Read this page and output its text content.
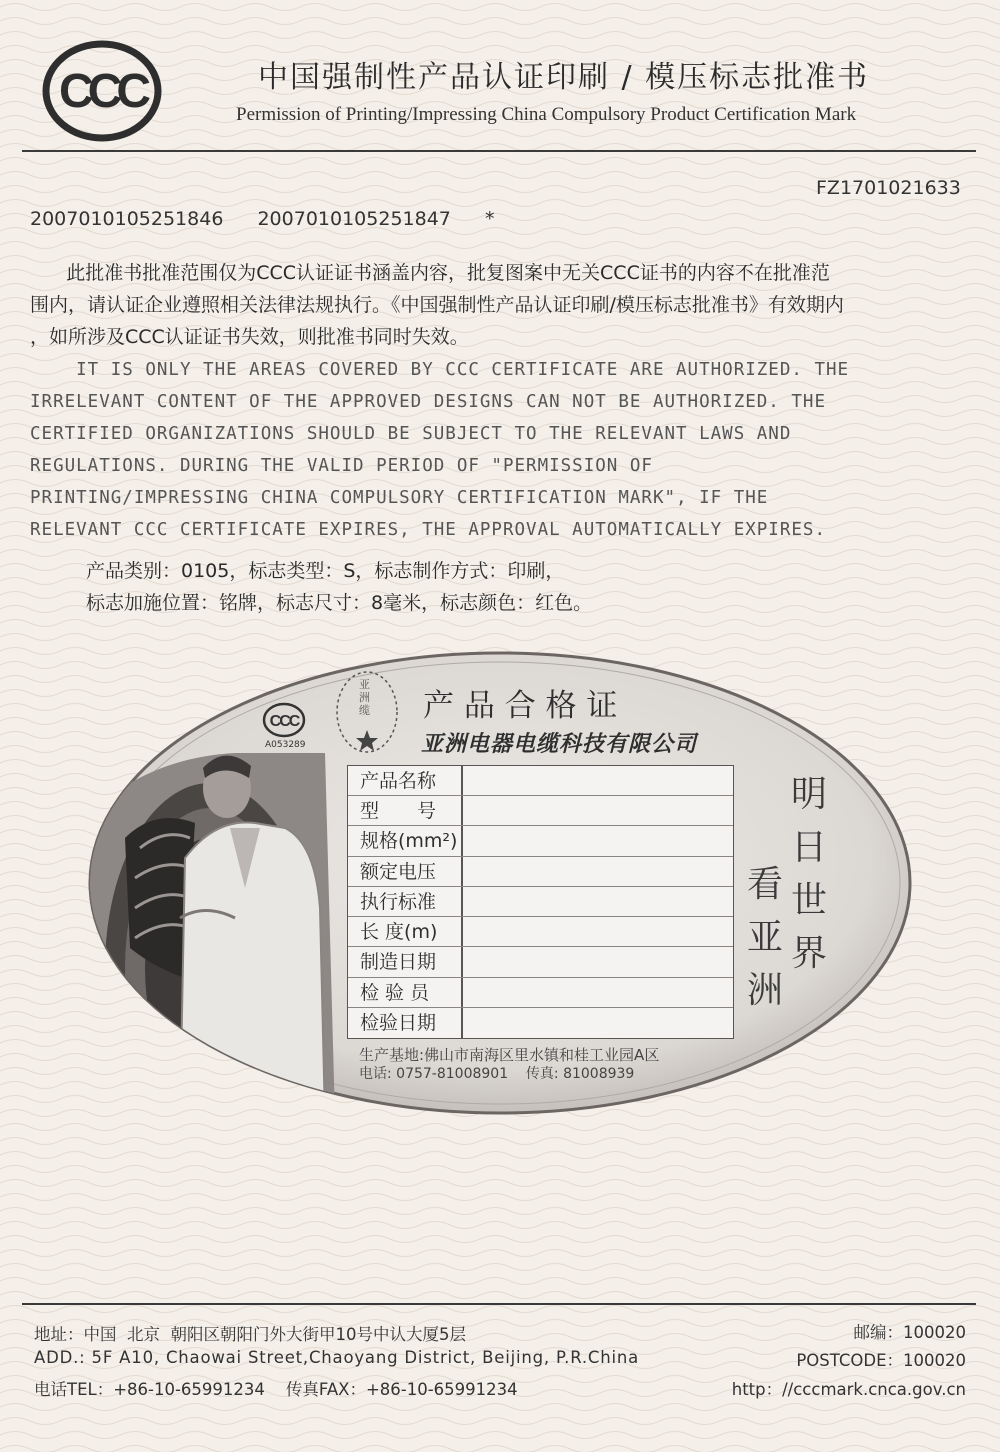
CCC	中国强制性产品认证印刷 / 模压标志批准书
Permission of Printing/Impressing China Compulsory Product Certification Mark
FZ1701021633
2007010105251846 2007010105251847 *
此批准书批准范围仅为CCC认证证书涵盖内容，批复图案中无关CCC证书的内容不在批准范
围内，请认证企业遵照相关法律法规执行。《中国强制性产品认证印刷/模压标志批准书》有效期内
，如所涉及CCC认证证书失效，则批准书同时失效。
IT IS ONLY THE AREAS COVERED BY CCC CERTIFICATE ARE AUTHORIZED. THE
IRRELEVANT CONTENT OF THE APPROVED DESIGNS CAN NOT BE AUTHORIZED. THE
CERTIFIED ORGANIZATIONS SHOULD BE SUBJECT TO THE RELEVANT LAWS AND
REGULATIONS. DURING THE VALID PERIOD OF "PERMISSION OF
PRINTING/IMPRESSING CHINA COMPULSORY CERTIFICATION MARK", IF THE
RELEVANT CCC CERTIFICATE EXPIRES, THE APPROVAL AUTOMATICALLY EXPIRES.
产品类别：0105，标志类型：S，标志制作方式：印刷，
标志加施位置：铭牌，标志尺寸：8毫米，标志颜色：红色。
CCC
A053289
亚洲缆 产 品 合 格 证
亚洲电器电缆科技有限公司
产品名称
型　　号
规格(mm²)
额定电压
执行标准
长 度(m)
制造日期
检 验 员
检验日期
明
日
世
界
看
亚
洲
生产基地:佛山市南海区里水镇和桂工业园A区
电话: 0757-81008901    传真: 81008939
地址：中国  北京  朝阳区朝阳门外大街甲10号中认大厦5层
ADD.: 5F A10, Chaowai Street,Chaoyang District, Beijing, P.R.China
电话TEL：+86-10-65991234    传真FAX：+86-10-65991234
邮编：100020
POSTCODE：100020
http：//cccmark.cnca.gov.cn
